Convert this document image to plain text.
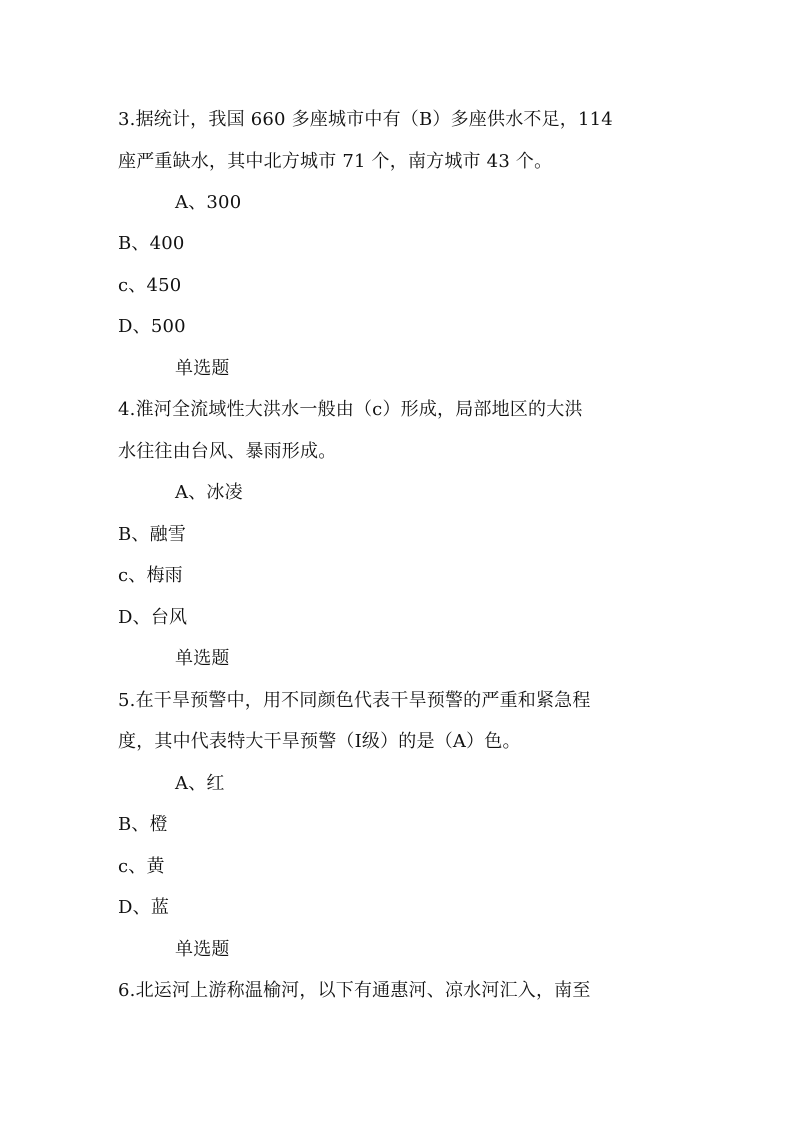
3.据统计，我国 660 多座城市中有（B）多座供水不足，114
座严重缺水，其中北方城市 71 个，南方城市 43 个。
A、300
B、400
c、450
D、500
单选题
4.淮河全流域性大洪水一般由（c）形成，局部地区的大洪
水往往由台风、暴雨形成。
A、冰凌
B、融雪
c、梅雨
D、台风
单选题
5.在干旱预警中，用不同颜色代表干旱预警的严重和紧急程
度，其中代表特大干旱预警（Ⅰ级）的是（A）色。
A、红
B、橙
c、黄
D、蓝
单选题
6.北运河上游称温榆河，以下有通惠河、凉水河汇入，南至
